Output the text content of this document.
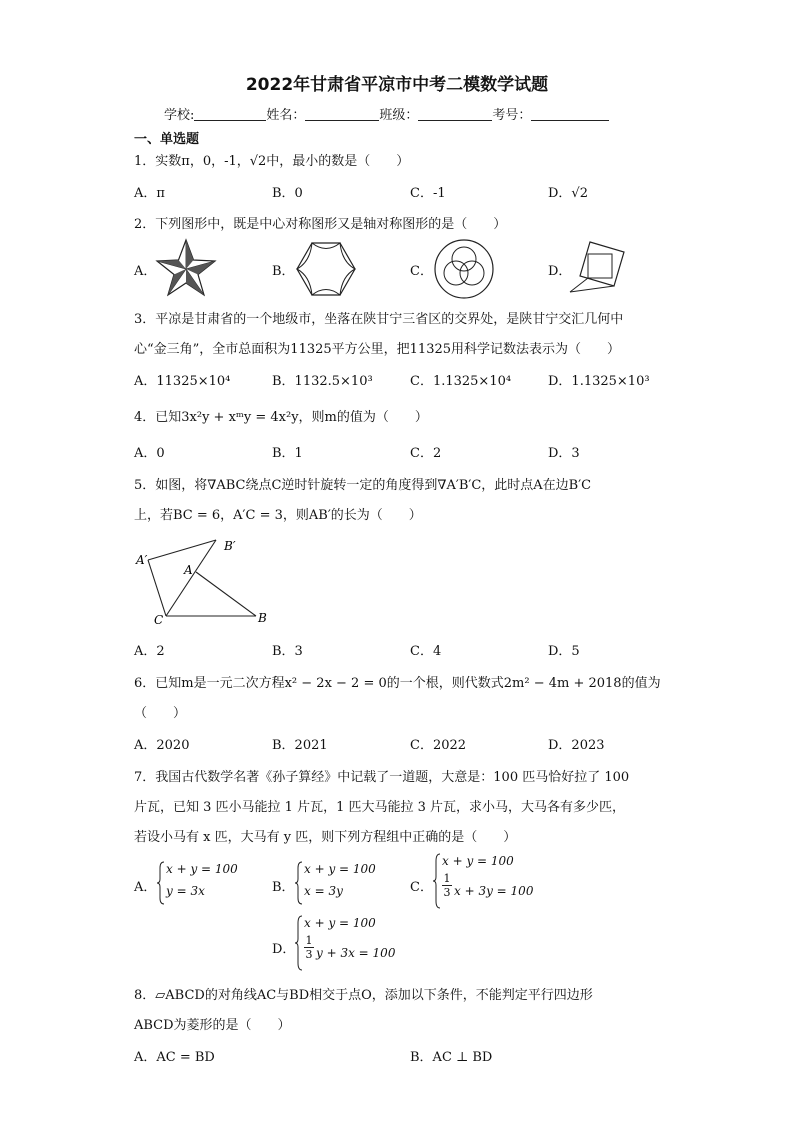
2022年甘肃省平凉市中考二模数学试题
学校:	姓名：	班级：	考号：
一、单选题
1．实数π，0，-1，√2中，最小的数是（　　）
A．π	B．0	C．-1	D．√2
2．下列图形中，既是中心对称图形又是轴对称图形的是（　　）
A．	B．	C．	D．
3．平凉是甘肃省的一个地级市，坐落在陕甘宁三省区的交界处，是陕甘宁交汇几何中
心“金三角”，全市总面积为11325平方公里，把11325用科学记数法表示为（　　）
A．11325×10⁴	B．1132.5×10³	C．1.1325×10⁴	D．1.1325×10³
4．已知3x²y + xᵐy = 4x²y，则m的值为（　　）
A．0	B．1	C．2	D．3
5．如图，将∇ABC绕点C逆时针旋转一定的角度得到∇A′B′C，此时点A在边B′C
上，若BC = 6，A′C = 3，则AB′的长为（　　）
A′
B′
A
C	B
A．2	B．3	C．4	D．5
6．已知m是一元二次方程x² − 2x − 2 = 0的一个根，则代数式2m² − 4m + 2018的值为
（　　）
A．2020	B．2021	C．2022	D．2023
7．我国古代数学名著《孙子算经》中记载了一道题，大意是：100 匹马恰好拉了 100
片瓦，已知 3 匹小马能拉 1 片瓦，1 匹大马能拉 3 片瓦，求小马，大马各有多少匹，
若设小马有 x 匹，大马有 y 匹，则下列方程组中正确的是（　　）
A．
x + y = 100
y = 3x	B．
x + y = 100
x = 3y	C．
x + y = 100
1
3 x + 3y = 100
D．
x + y = 100
1
3 y + 3x = 100
8．▱ABCD的对角线AC与BD相交于点O，添加以下条件，不能判定平行四边形
ABCD为菱形的是（　　）
A．AC = BD	B．AC ⊥ BD
